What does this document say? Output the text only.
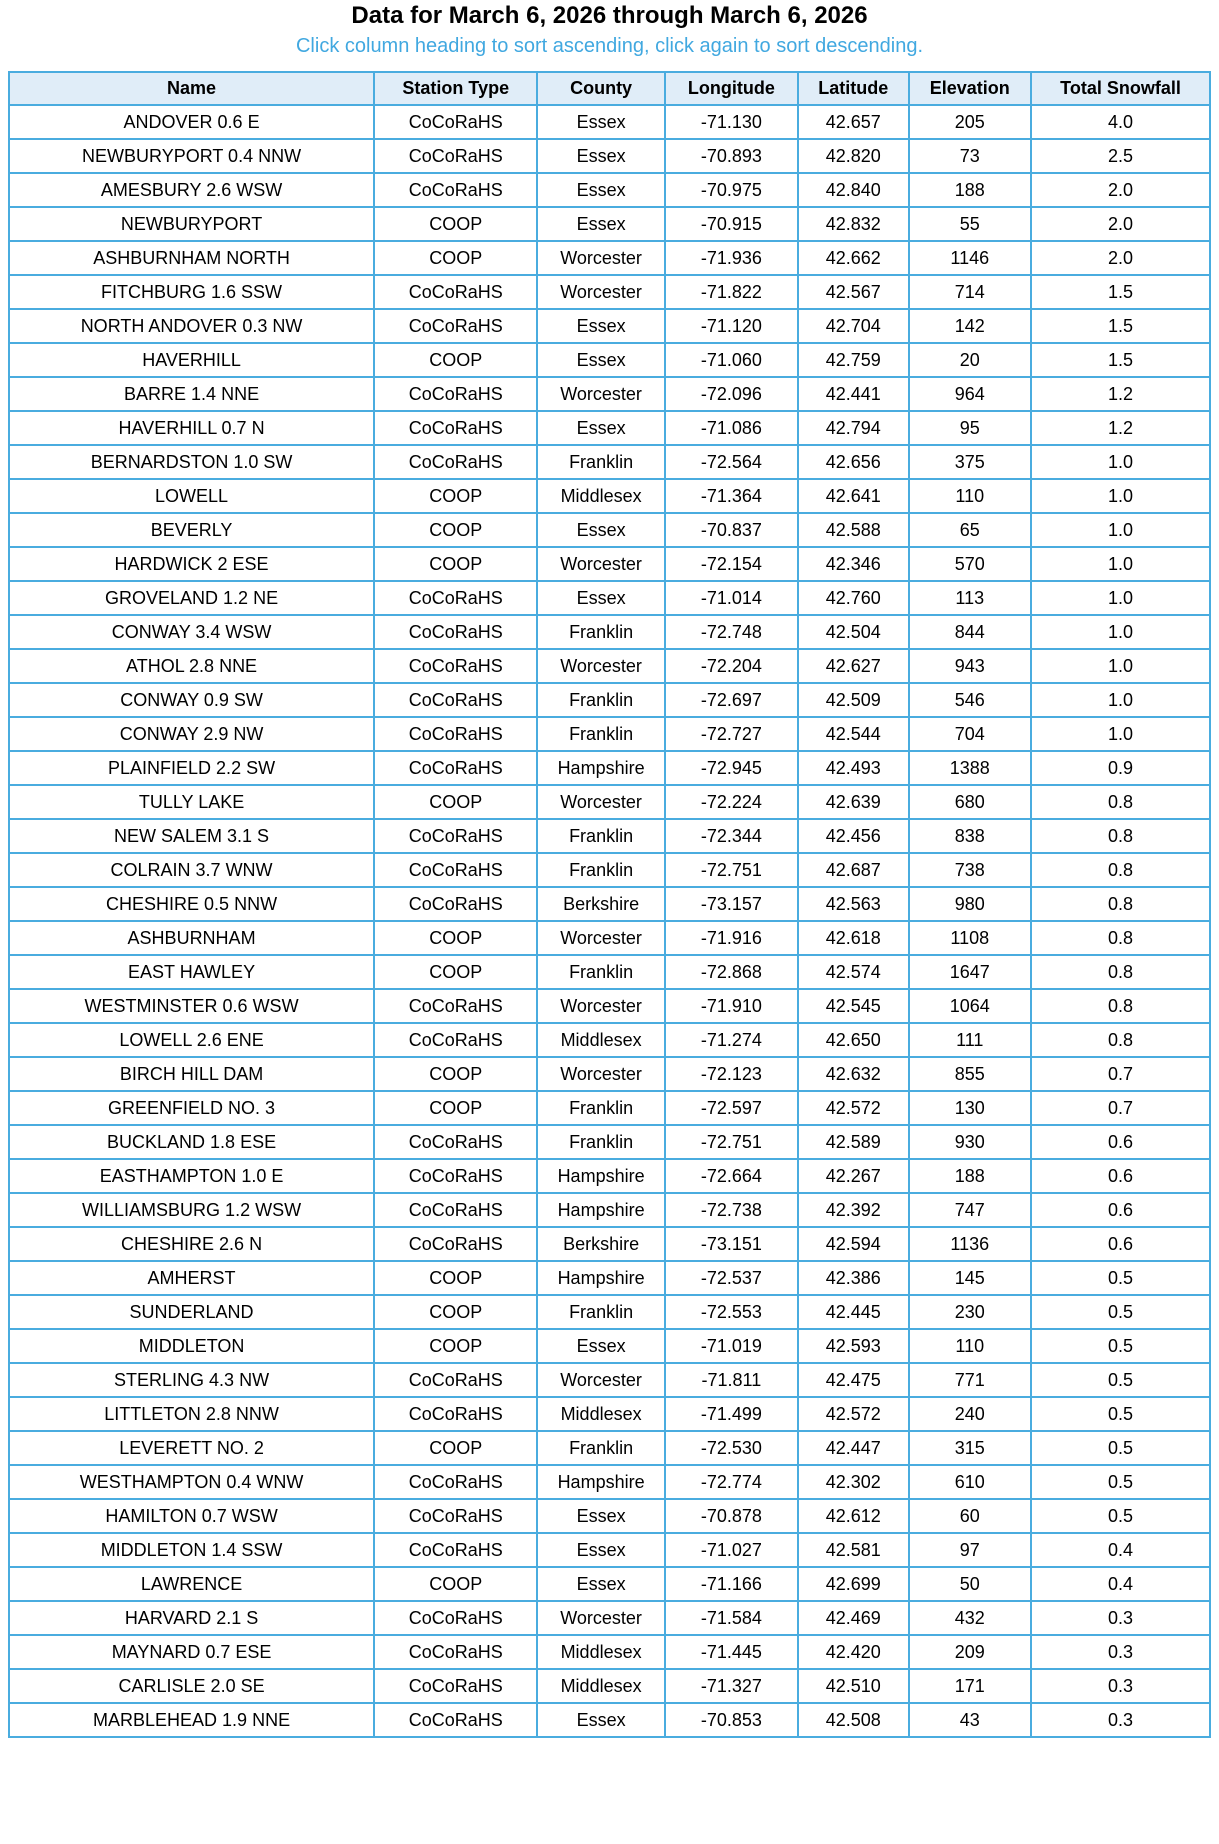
Data for March 6, 2026 through March 6, 2026
Click column heading to sort ascending, click again to sort descending.
Name	Station Type	County	Longitude	Latitude	Elevation	Total Snowfall
ANDOVER 0.6 E	CoCoRaHS	Essex	-71.130	42.657	205	4.0
NEWBURYPORT 0.4 NNW	CoCoRaHS	Essex	-70.893	42.820	73	2.5
AMESBURY 2.6 WSW	CoCoRaHS	Essex	-70.975	42.840	188	2.0
NEWBURYPORT	COOP	Essex	-70.915	42.832	55	2.0
ASHBURNHAM NORTH	COOP	Worcester	-71.936	42.662	1146	2.0
FITCHBURG 1.6 SSW	CoCoRaHS	Worcester	-71.822	42.567	714	1.5
NORTH ANDOVER 0.3 NW	CoCoRaHS	Essex	-71.120	42.704	142	1.5
HAVERHILL	COOP	Essex	-71.060	42.759	20	1.5
BARRE 1.4 NNE	CoCoRaHS	Worcester	-72.096	42.441	964	1.2
HAVERHILL 0.7 N	CoCoRaHS	Essex	-71.086	42.794	95	1.2
BERNARDSTON 1.0 SW	CoCoRaHS	Franklin	-72.564	42.656	375	1.0
LOWELL	COOP	Middlesex	-71.364	42.641	110	1.0
BEVERLY	COOP	Essex	-70.837	42.588	65	1.0
HARDWICK 2 ESE	COOP	Worcester	-72.154	42.346	570	1.0
GROVELAND 1.2 NE	CoCoRaHS	Essex	-71.014	42.760	113	1.0
CONWAY 3.4 WSW	CoCoRaHS	Franklin	-72.748	42.504	844	1.0
ATHOL 2.8 NNE	CoCoRaHS	Worcester	-72.204	42.627	943	1.0
CONWAY 0.9 SW	CoCoRaHS	Franklin	-72.697	42.509	546	1.0
CONWAY 2.9 NW	CoCoRaHS	Franklin	-72.727	42.544	704	1.0
PLAINFIELD 2.2 SW	CoCoRaHS	Hampshire	-72.945	42.493	1388	0.9
TULLY LAKE	COOP	Worcester	-72.224	42.639	680	0.8
NEW SALEM 3.1 S	CoCoRaHS	Franklin	-72.344	42.456	838	0.8
COLRAIN 3.7 WNW	CoCoRaHS	Franklin	-72.751	42.687	738	0.8
CHESHIRE 0.5 NNW	CoCoRaHS	Berkshire	-73.157	42.563	980	0.8
ASHBURNHAM	COOP	Worcester	-71.916	42.618	1108	0.8
EAST HAWLEY	COOP	Franklin	-72.868	42.574	1647	0.8
WESTMINSTER 0.6 WSW	CoCoRaHS	Worcester	-71.910	42.545	1064	0.8
LOWELL 2.6 ENE	CoCoRaHS	Middlesex	-71.274	42.650	111	0.8
BIRCH HILL DAM	COOP	Worcester	-72.123	42.632	855	0.7
GREENFIELD NO. 3	COOP	Franklin	-72.597	42.572	130	0.7
BUCKLAND 1.8 ESE	CoCoRaHS	Franklin	-72.751	42.589	930	0.6
EASTHAMPTON 1.0 E	CoCoRaHS	Hampshire	-72.664	42.267	188	0.6
WILLIAMSBURG 1.2 WSW	CoCoRaHS	Hampshire	-72.738	42.392	747	0.6
CHESHIRE 2.6 N	CoCoRaHS	Berkshire	-73.151	42.594	1136	0.6
AMHERST	COOP	Hampshire	-72.537	42.386	145	0.5
SUNDERLAND	COOP	Franklin	-72.553	42.445	230	0.5
MIDDLETON	COOP	Essex	-71.019	42.593	110	0.5
STERLING 4.3 NW	CoCoRaHS	Worcester	-71.811	42.475	771	0.5
LITTLETON 2.8 NNW	CoCoRaHS	Middlesex	-71.499	42.572	240	0.5
LEVERETT NO. 2	COOP	Franklin	-72.530	42.447	315	0.5
WESTHAMPTON 0.4 WNW	CoCoRaHS	Hampshire	-72.774	42.302	610	0.5
HAMILTON 0.7 WSW	CoCoRaHS	Essex	-70.878	42.612	60	0.5
MIDDLETON 1.4 SSW	CoCoRaHS	Essex	-71.027	42.581	97	0.4
LAWRENCE	COOP	Essex	-71.166	42.699	50	0.4
HARVARD 2.1 S	CoCoRaHS	Worcester	-71.584	42.469	432	0.3
MAYNARD 0.7 ESE	CoCoRaHS	Middlesex	-71.445	42.420	209	0.3
CARLISLE 2.0 SE	CoCoRaHS	Middlesex	-71.327	42.510	171	0.3
MARBLEHEAD 1.9 NNE	CoCoRaHS	Essex	-70.853	42.508	43	0.3
